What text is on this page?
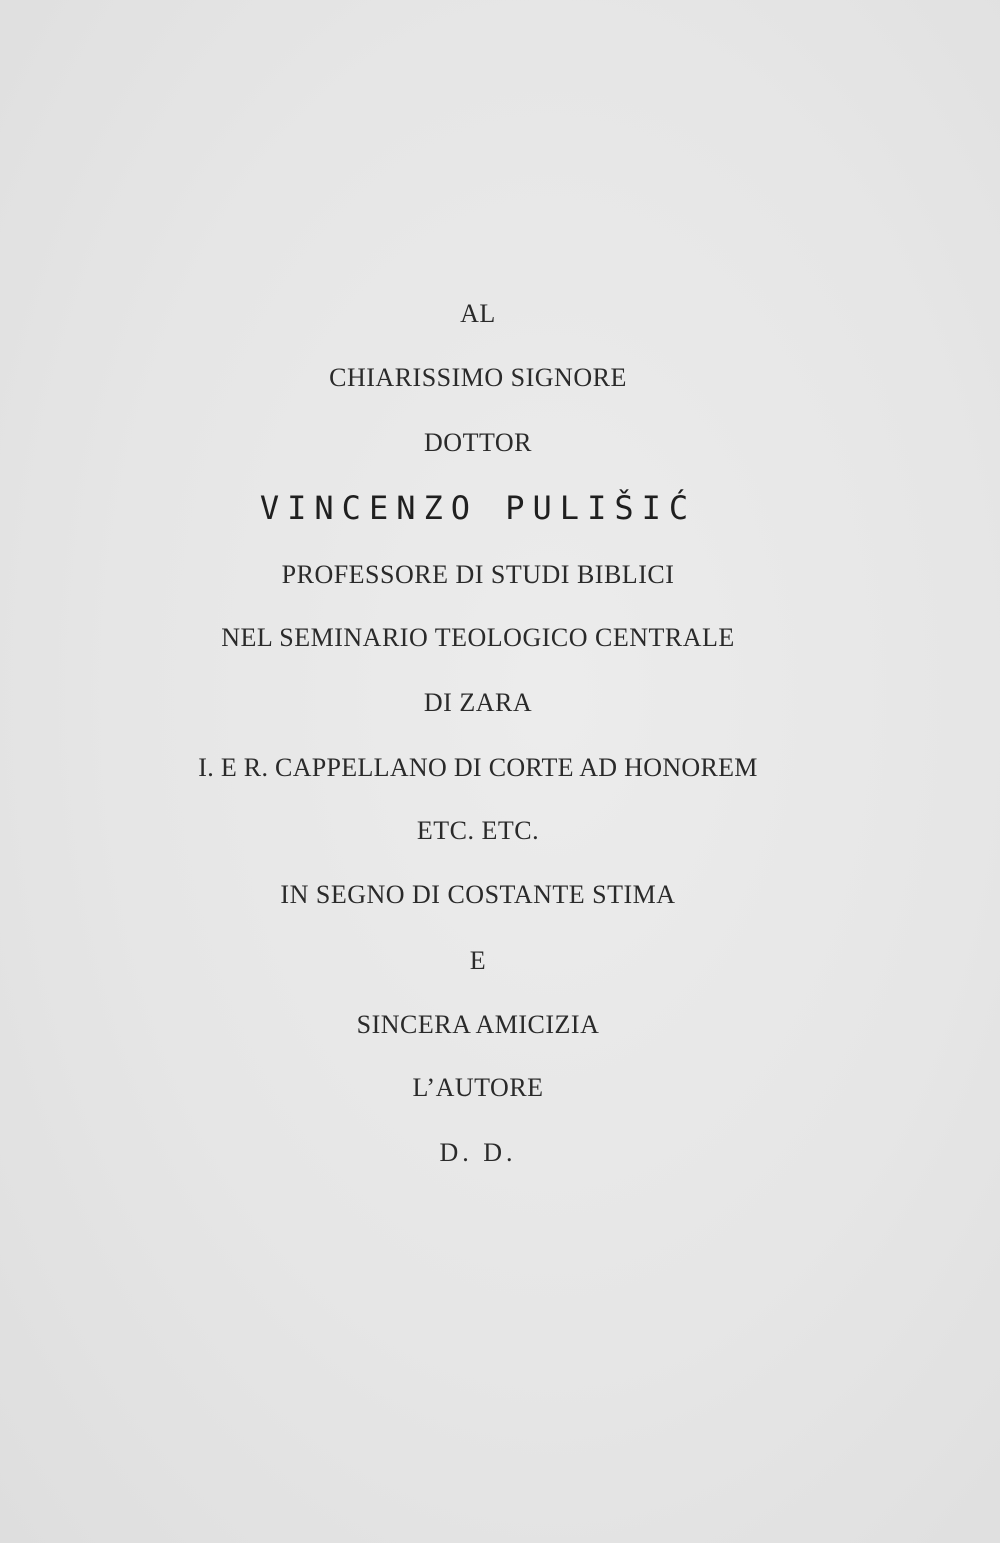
AL
CHIARISSIMO SIGNORE
DOTTOR
VINCENZO PULIŠIĆ
PROFESSORE DI STUDI BIBLICI
NEL SEMINARIO TEOLOGICO CENTRALE
DI ZARA
I. E R. CAPPELLANO DI CORTE AD HONOREM
ETC. ETC.
IN SEGNO DI COSTANTE STIMA
E
SINCERA AMICIZIA
L’AUTORE
D. D.
